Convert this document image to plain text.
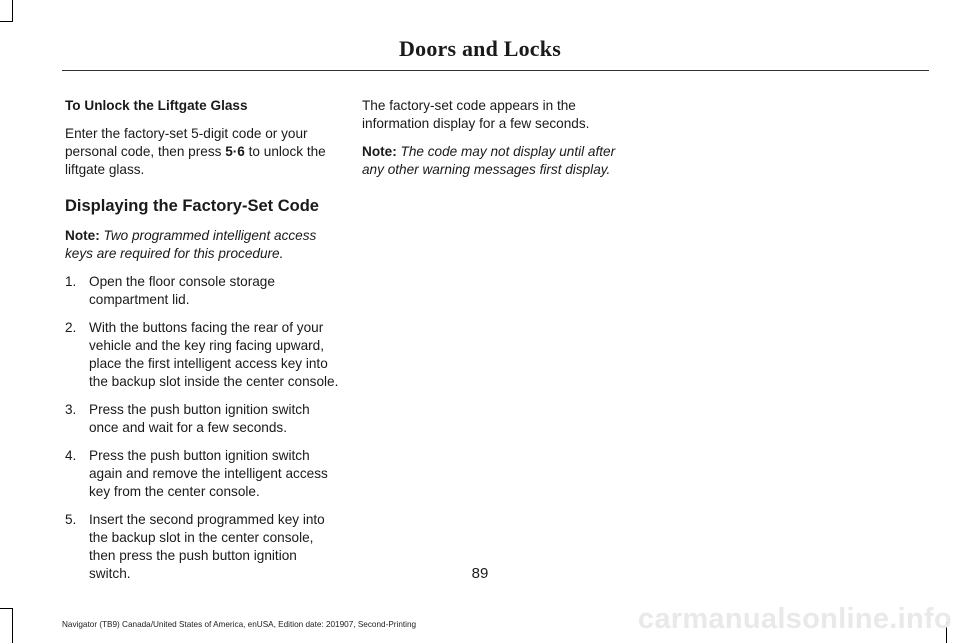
Doors and Locks
To Unlock the Liftgate Glass

Enter the factory-set 5-digit code or your personal code, then press 5·6 to unlock the liftgate glass.

Displaying the Factory-Set Code

Note: Two programmed intelligent access keys are required for this procedure.

1. Open the floor console storage compartment lid.
2. With the buttons facing the rear of your vehicle and the key ring facing upward, place the first intelligent access key into the backup slot inside the center console.
3. Press the push button ignition switch once and wait for a few seconds.
4. Press the push button ignition switch again and remove the intelligent access key from the center console.
5. Insert the second programmed key into the backup slot in the center console, then press the push button ignition switch.

The factory-set code appears in the information display for a few seconds.

Note: The code may not display until after any other warning messages first display.

89
Navigator (TB9) Canada/United States of America, enUSA, Edition date: 201907, Second-Printing	carmanualsonline.info
